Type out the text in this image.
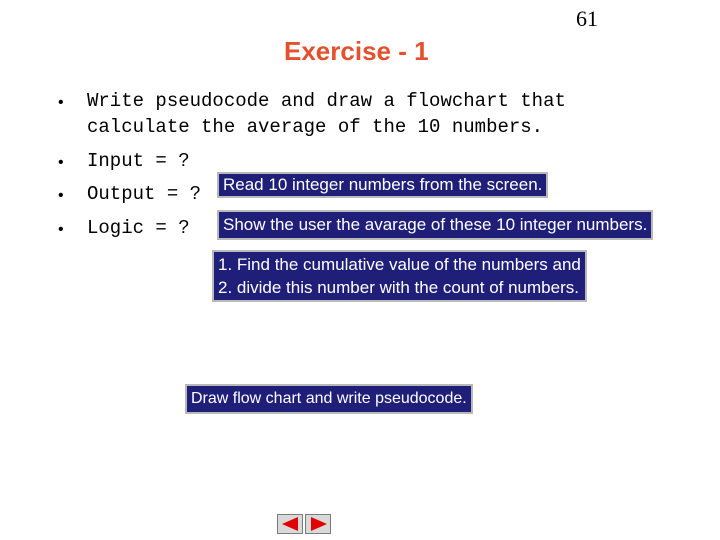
61
Exercise - 1
• Write pseudocode and draw a flowchart that
calculate the average of the 10 numbers.
• Input = ?
• Output = ?
• Logic = ?
Read 10 integer numbers from the screen.
Show the user the avarage of these 10 integer numbers.
1. Find the cumulative value of the numbers and
2. divide this number with the count of numbers.
Draw flow chart and write pseudocode.
